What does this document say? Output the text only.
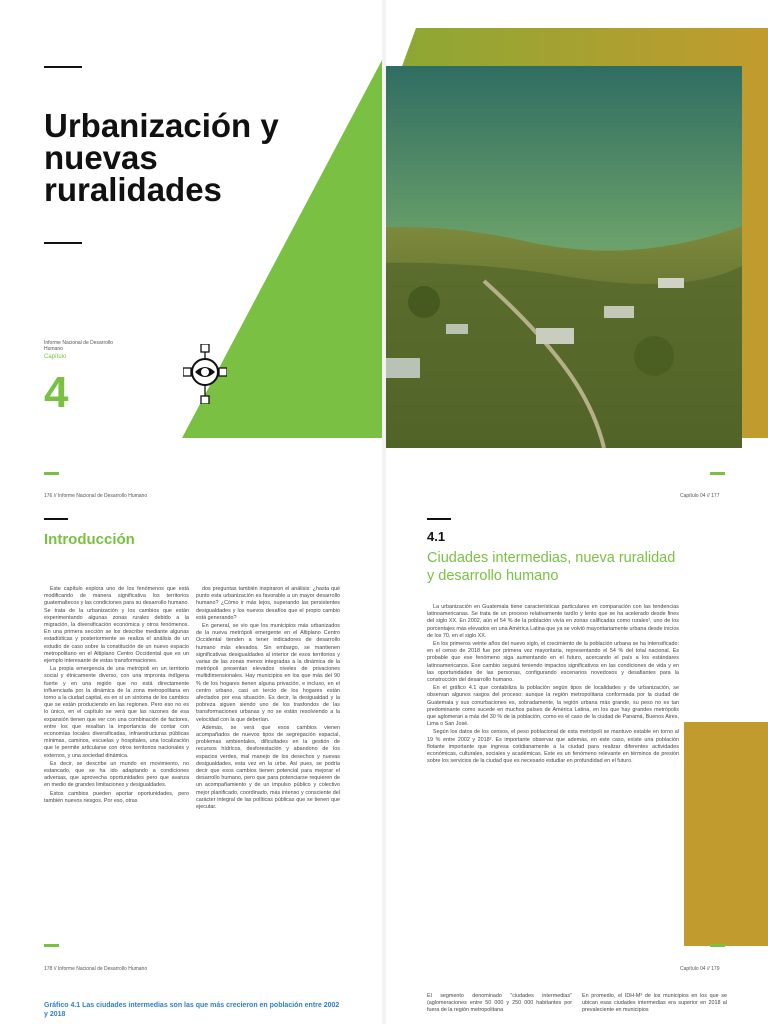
Urbanización y nuevas ruralidades
Informe Nacional de Desarrollo Humano
Capítulo
4
176 // Informe Nacional de Desarrollo Humano
Introducción

Este capítulo explora uno de los fenómenos que está modificando de manera significativa los territorios guatemaltecos y las condiciones para su desarrollo humano. Se trata de la urbanización y los cambios que están experimentando algunas zonas rurales debido a la migración, la diversificación económica y otros fenómenos. En una primera sección se los describe mediante algunas estadísticas y posteriormente se realiza el análisis de un estudio de caso sobre la constitución de un nuevo espacio metropolitano en el Altiplano Centro Occidental que es un ejemplo interesante de estas transformaciones.

La propia emergencia de una metrópoli en un territorio social y étnicamente diverso, con una impronta indígena fuerte y en una región que no está directamente influenciada por la dinámica de la zona metropolitana en torno a la ciudad capital, es en sí un síntoma de los cambios que se están produciendo en las regiones. Pero eso no es lo único, en el capítulo se verá que las razones de esa expansión tienen que ver con una combinación de factores, entre los que resaltan la importancia de contar con economías locales diversificadas, infraestructuras públicas mínimas, caminos, escuelas y hospitales, una localización que le permite articularse con otros territorios nacionales y externos, y una sociedad dinámica.

Es decir, se describe un mundo en movimiento, no estancado, que se ha ido adaptando a condiciones adversas, que aprovecha oportunidades pero que avanza en medio de grandes limitaciones y desigualdades.

Estos cambios pueden aportar oportunidades, pero también nuevos riesgos. Por eso, otras

dos preguntas también inspiraron el análisis: ¿hasta qué punto esta urbanización es favorable a un mayor desarrollo humano? ¿Cómo ir más lejos, superando las persistentes desigualdades y los nuevos desafíos que el propio cambio está generando?

En general, se vio que los municipios más urbanizados de la nueva metrópoli emergente en el Altiplano Centro Occidental tienden a tener indicadores de desarrollo humano más elevados. Sin embargo, se mantienen significativas desigualdades al interior de esos territorios y varias de las zonas menos integradas a la dinámica de la metrópoli presentan elevados niveles de privaciones multidimensionales. Hay municipios en los que más del 90 % de los hogares tienen alguna privación, e incluso, en el centro urbano, casi un tercio de los hogares están afectados por esa situación. Es decir, la desigualdad y la pobreza siguen siendo uno de los trasfondos de las transformaciones urbanas y no se están resolviendo a la velocidad con la que deberían.

Además, se verá que esos cambios vienen acompañados de nuevos tipos de segregación espacial, problemas ambientales, dificultades en la gestión de recursos hídricos, desforestación y abandono de los espacios verdes, mal manejo de los desechos y nuevas desigualdades, esta vez en la urbe. Así pues, se podría decir que esos cambios tienen potencial para mejorar el desarrollo humano, pero que para potenciarse requieren de un acompañamiento y de un impulso público y colectivo mejor planificado, coordinado, más intenso y consciente del carácter integral de las políticas públicas que se tienen que ejecutar.

178 // Informe Nacional de Desarrollo Humano
Gráfico 4.1 Las ciudades intermedias son las que más crecieron en población entre 2002 y 2018
Capítulo 04 // 177
4.1
Ciudades intermedias, nueva ruralidad y desarrollo humano

La urbanización en Guatemala tiene características particulares en comparación con las tendencias latinoamericanas. Se trata de un proceso relativamente tardío y lento que se ha acelerado desde fines del siglo XX. En 2002, aún el 54 % de la población vivía en zonas calificadas como rurales¹, uno de los porcentajes más elevados en una América Latina que ya se volvió mayoritariamente urbana desde inicios de los 70, en el siglo XX.

En los primeros veinte años del nuevo siglo, el crecimiento de la población urbana se ha intensificado: en el censo de 2018 fue por primera vez mayoritaria, representando el 54 % del total nacional. Es probable que ese fenómeno siga aumentando en el futuro, acercando el país a los estándares latinoamericanos. Ese cambio seguirá teniendo impactos significativos en las condiciones de vida y en las oportunidades de las personas, configurando escenarios novedosos y desafiantes para la construcción del desarrollo humano.

En el gráfico 4.1 que contabiliza la población según tipos de localidades y de urbanización, se observan algunos rasgos del proceso: aunque la región metropolitana conformada por la ciudad de Guatemala y sus conurbaciones es, sobradamente, la región urbana más grande, su peso no es tan predominante como sucede en muchos países de América Latina, en los que hay grandes metrópolis que aglomeran a más del 30 % de la población, como es el caso de la ciudad de Panamá, Buenos Aires, Lima o San José.

Según los datos de los censos, el peso poblacional de esta metrópoli se mantuvo estable en torno al 19 % entre 2002 y 2018². Es importante observar que además, en este caso, existe una población flotante importante que ingresa cotidianamente a la ciudad para realizar diferentes actividades económicas, culturales, sociales y académicas. Este es un fenómeno relevante en términos de presión sobre los servicios de la ciudad que es necesario estudiar en profundidad en el futuro.

Capítulo 04 // 179
El segmento denominado "ciudades intermedias" (aglomeraciones entre 50 000 y 250 000 habitantes por fuera de la región metropolitana
En promedio, el IDH-M³ de los municipios en los que se ubican esas ciudades intermedias era superior en 2018 al prevaleciente en municipios
